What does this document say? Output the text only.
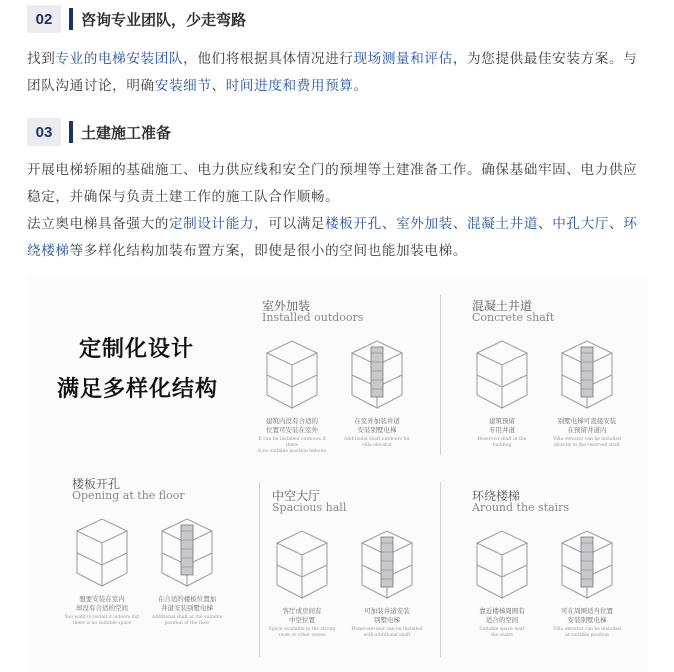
02	咨询专业团队，少走弯路
找到专业的电梯安装团队，他们将根据具体情况进行现场测量和评估，为您提供最佳安装方案。与团队沟通讨论，明确安装细节、时间进度和费用预算。
03	土建施工准备
开展电梯轿厢的基础施工、电力供应线和安全门的预埋等土建准备工作。确保基础牢固、电力供应稳定，并确保与负责土建工作的施工队合作顺畅。
法立奥电梯具备强大的定制设计能力，可以满足楼板开孔、室外加装、混凝土井道、中孔大厅、环绕楼梯等多样化结构加装布置方案，即使是很小的空间也能加装电梯。
定制化设计
满足多样化结构
室外加装
Installed outdoors
建筑内没有合适的
位置可安装在室外
It can be installed outdoors if there
is no suitable position indoors
在室外加装井道
安装别墅电梯
Additional shaft outdoors for
villa elevator
混凝土井道
Concrete shaft
建筑预留
专用井道
Reserved shaft in the
building
别墅电梯可直接安装
在预留井道内
Villa elevator can be installed
directly in the reserved shaft
楼板开孔
Opening at the floor
想要安装在室内
却没有合适的空间
You want to install it indoors but
there is no suitable space
在合适的楼板位置加
井道安装别墅电梯
Additional shaft at the suitable
position of the floor
中空大厅
Spacious hall
客厅或房间有
中空位置
Space available in the strong
room or other rooms
可加装井道安装
别墅电梯
Home elevator can be installed
with additional shaft
环绕楼梯
Around the stairs
靠近楼梯周围有
适合的空间
Suitable space near
the stairs
可在周围适当位置
安装别墅电梯
Villa elevator can be installed
at suitable position
